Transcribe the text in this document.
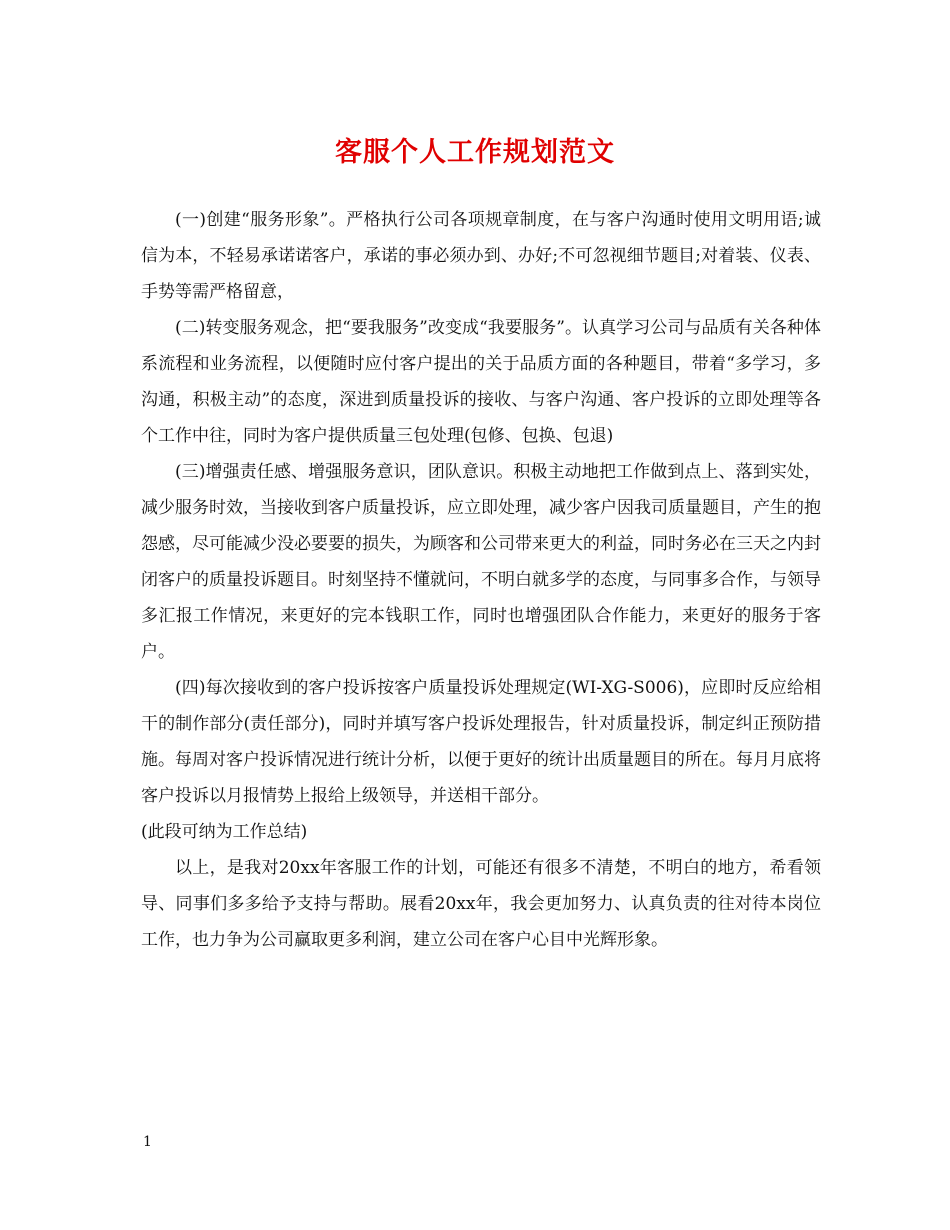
客服个人工作规划范文

(一)创建“服务形象”。严格执行公司各项规章制度，在与客户沟通时使用文明用语;诚信为本，不轻易承诺诺客户，承诺的事必须办到、办好;不可忽视细节题目;对着装、仪表、手势等需严格留意，

(二)转变服务观念，把“要我服务”改变成“我要服务”。认真学习公司与品质有关各种体系流程和业务流程，以便随时应付客户提出的关于品质方面的各种题目，带着“多学习，多沟通，积极主动”的态度，深进到质量投诉的接收、与客户沟通、客户投诉的立即处理等各个工作中往，同时为客户提供质量三包处理(包修、包换、包退)

(三)增强责任感、增强服务意识，团队意识。积极主动地把工作做到点上、落到实处，减少服务时效，当接收到客户质量投诉，应立即处理，减少客户因我司质量题目，产生的抱怨感，尽可能减少没必要要的损失，为顾客和公司带来更大的利益，同时务必在三天之内封闭客户的质量投诉题目。时刻坚持不懂就问，不明白就多学的态度，与同事多合作，与领导多汇报工作情况，来更好的完本钱职工作，同时也增强团队合作能力，来更好的服务于客户。

(四)每次接收到的客户投诉按客户质量投诉处理规定(WI-XG-S006)，应即时反应给相干的制作部分(责任部分)，同时并填写客户投诉处理报告，针对质量投诉，制定纠正预防措施。每周对客户投诉情况进行统计分析，以便于更好的统计出质量题目的所在。每月月底将客户投诉以月报情势上报给上级领导，并送相干部分。

(此段可纳为工作总结)

以上，是我对20xx年客服工作的计划，可能还有很多不清楚，不明白的地方，希看领导、同事们多多给予支持与帮助。展看20xx年，我会更加努力、认真负责的往对待本岗位工作，也力争为公司赢取更多利润，建立公司在客户心目中光辉形象。

1
